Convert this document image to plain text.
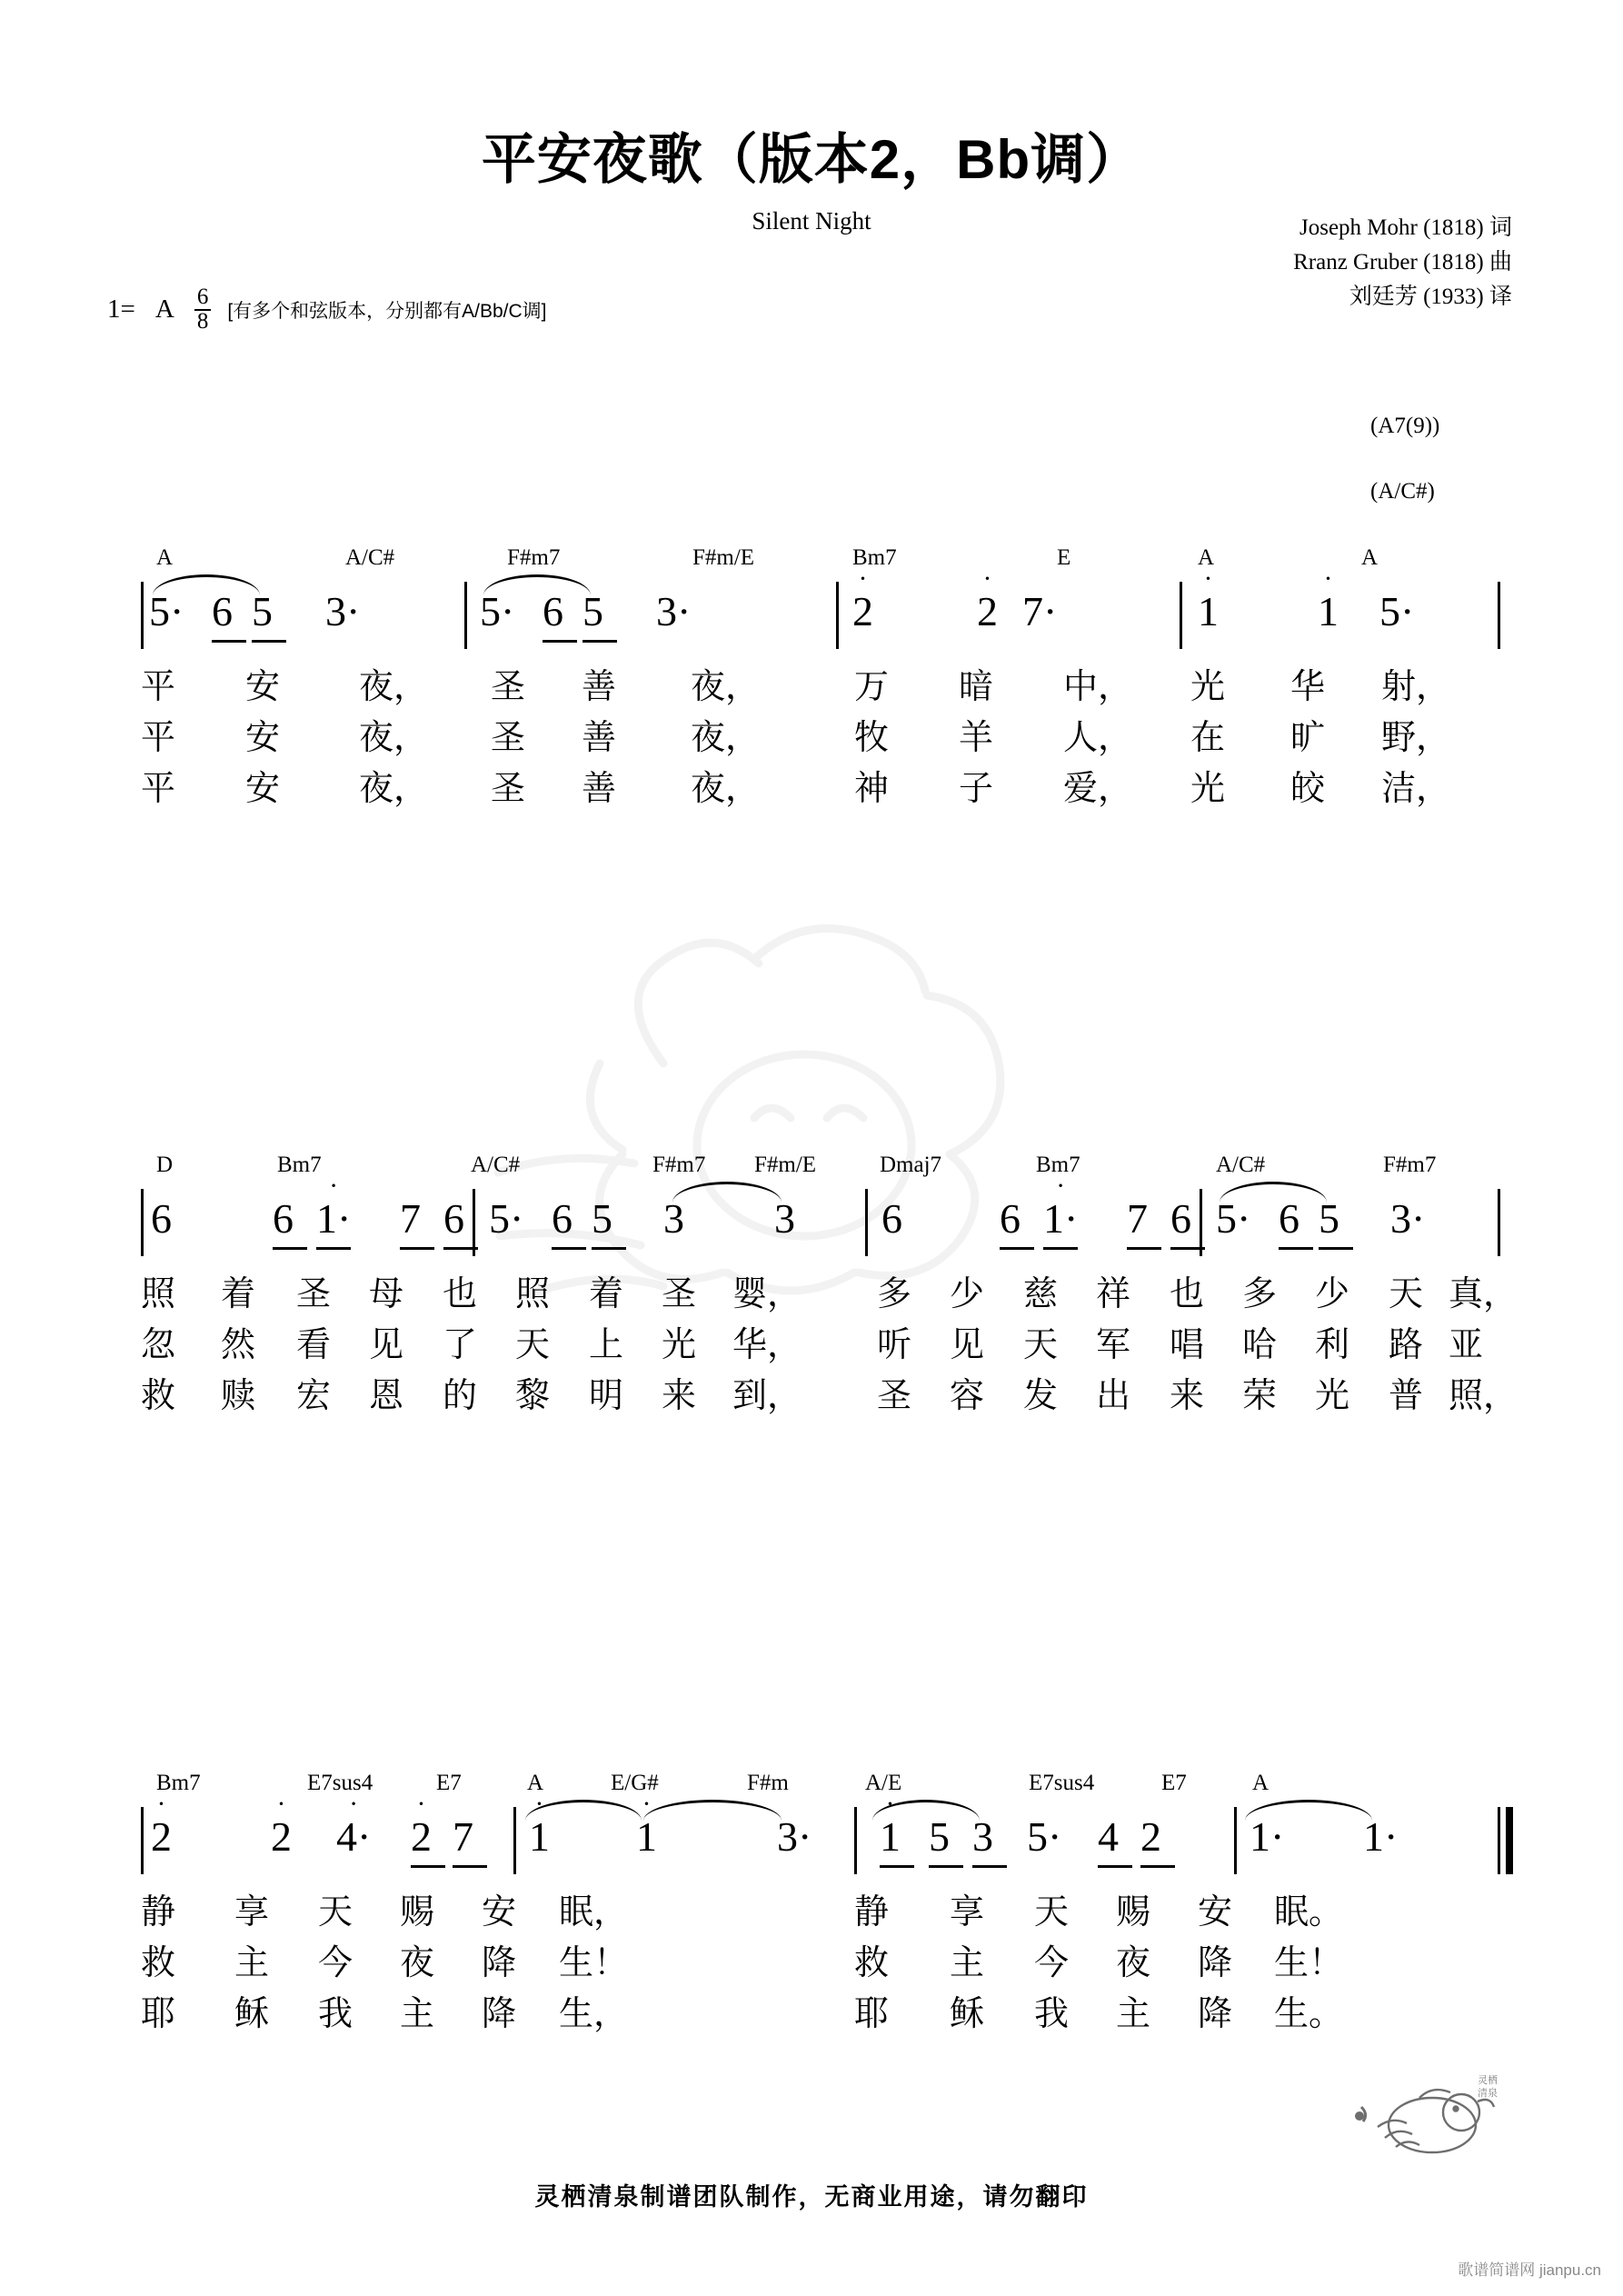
平安夜歌（版本2，Bb调）
Silent Night	Joseph Mohr (1818) 词
Rranz Gruber (1818) 曲
刘廷芳 (1933) 译
1= A $\frac{6}{8}$ [有多个和弦版本，分别都有A/Bb/C调]
(A7(9))
(A/C#)
A	A/C#	F#m7	F#m/E	Bm7	E	A	A
5· 6 5 3·	5· 6 5 3·	2
·
2
·
7·	1
·
1
·
5·
平 安 夜， 圣 善 夜，	万 暗 中， 光 华 射，
平 安 夜， 圣 善 夜，	牧 羊 人， 在 旷 野，
平 安 夜， 圣 善 夜，	神 子 爱， 光 皎 洁，
D	Bm7	A/C#	F#m7 F#m/E	Dmaj7	Bm7	A/C#	F#m7
6 6 1·
·
7 6 5· 6 5 3 3 6 6 1·
·
7 6 5· 6 5 3·
照 着 圣 母 也 照 着 圣 婴， 多 少 慈 祥 也 多 少 天 真，
忽 然 看 见 了 天 上 光 华， 听 见 天 军 唱 哈 利 路 亚
救 赎 宏 恩 的 黎 明 来 到， 圣 容 发 出 来 荣 光 普 照，
Bm7	E7sus4	E7	A	E/G#	F#m	A/E	E7sus4	E7	A
2
·
2
·
4·
·
2
·
7 1
·
1
·
3· 1
·
5 3 5· 4 2 1· 1·
静 享 天 赐 安 眠，	静 享 天 赐 安 眠。
救 主 今 夜 降 生！	救 主 今 夜 降 生！
耶 稣 我 主 降 生，	耶 稣 我 主 降 生。
灵栖清泉制谱团队制作，无商业用途，请勿翻印
歌谱简谱网 jianpu.cn
灵栖
清泉
